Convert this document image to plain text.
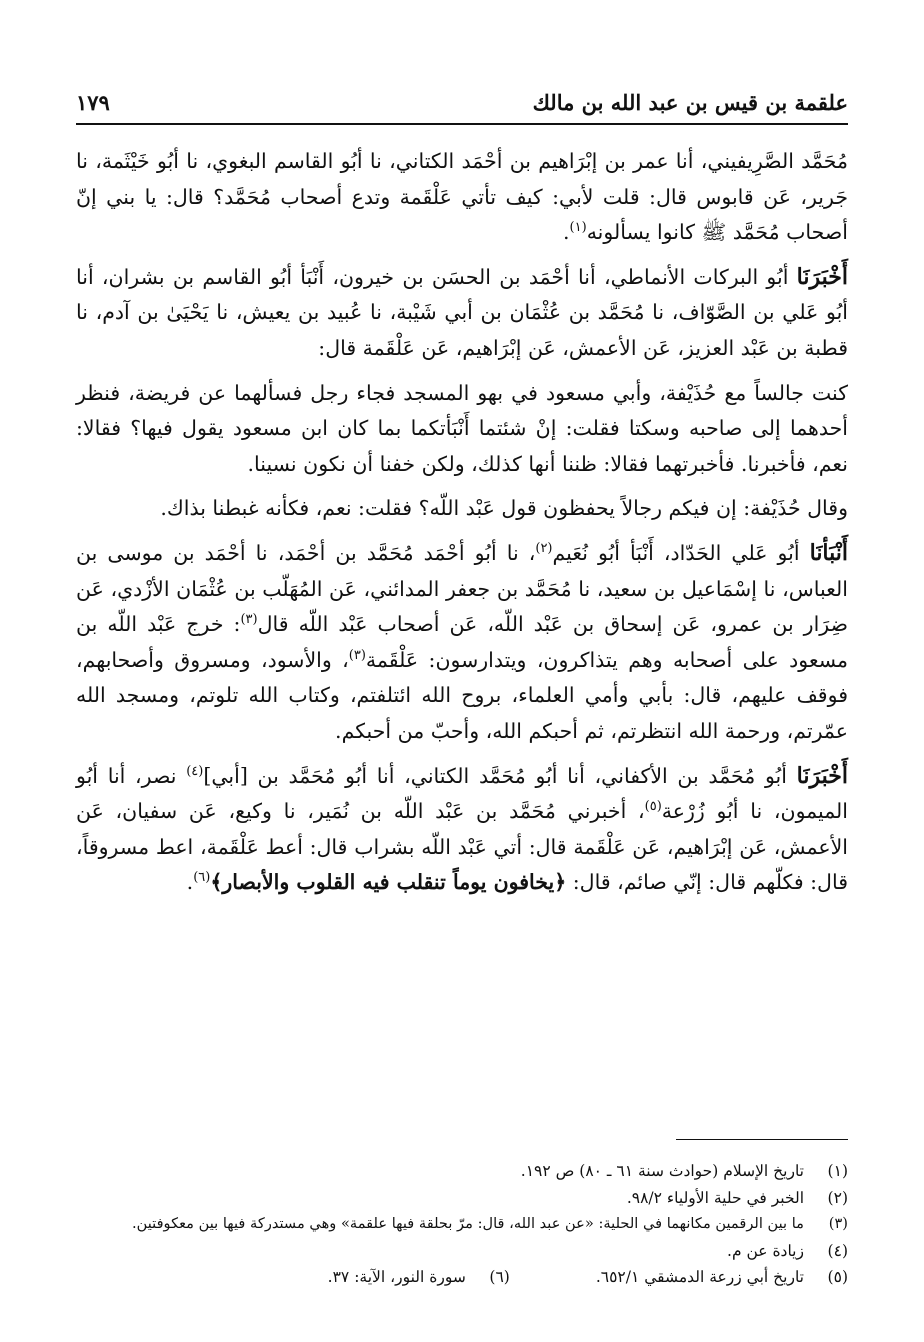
علقمة بن قيس بن عبد الله بن مالك
١٧٩

مُحَمَّد الصَّرِيفيني، أنا عمر بن إبْرَاهيم بن أحْمَد الكتاني، نا أبُو القاسم البغوي، نا أبُو خَيْثَمة، نا جَرير، عَن قابوس قال: قلت لأبي: كيف تأتي عَلْقَمة وتدع أصحاب مُحَمَّد؟ قال: يا بني إنّ أصحاب مُحَمَّد ﷺ كانوا يسألونه$^{(١)}$.

أَخْبَرَنَا أبُو البركات الأنماطي، أنا أحْمَد بن الحسَن بن خيرون، أَنْبَأ أبُو القاسم بن بشران، أنا أبُو عَلي بن الصَّوّاف، نا مُحَمَّد بن عُثْمَان بن أبي شَيْبة، نا عُبيد بن يعيش، نا يَحْيَىٰ بن آدم، نا قطبة بن عَبْد العزيز، عَن الأعمش، عَن إبْرَاهيم، عَن عَلْقَمة قال:

كنت جالساً مع حُذَيْفة، وأبي مسعود في بهو المسجد فجاء رجل فسألهما عن فريضة، فنظر أحدهما إلى صاحبه وسكتا فقلت: إنْ شئتما أَنْبَأتكما بما كان ابن مسعود يقول فيها؟ فقالا: نعم، فأخبرنا. فأخبرتهما فقالا: ظننا أنها كذلك، ولكن خفنا أن نكون نسينا.

وقال حُذَيْفة: إن فيكم رجالاً يحفظون قول عَبْد اللّه؟ فقلت: نعم، فكأنه غبطنا بذاك.

أَنْبَأنَا أبُو عَلي الحَدّاد، أَنْبَأ أبُو نُعَيم$^{(٢)}$، نا أبُو أحْمَد مُحَمَّد بن أحْمَد، نا أحْمَد بن موسى بن العباس، نا إسْمَاعيل بن سعيد، نا مُحَمَّد بن جعفر المدائني، عَن المُهَلّب بن عُثْمَان الأزْدي، عَن ضِرَار بن عمرو، عَن إسحاق بن عَبْد اللّه، عَن أصحاب عَبْد اللّه قال$^{(٣)}$: خرج عَبْد اللّه بن مسعود على أصحابه وهم يتذاكرون، ويتدارسون: عَلْقَمة$^{(٣)}$، والأسود، ومسروق وأصحابهم، فوقف عليهم، قال: بأبي وأمي العلماء، بروح الله ائتلفتم، وكتاب الله تلوتم، ومسجد الله عمّرتم، ورحمة الله انتظرتم، ثم أحبكم الله، وأحبّ من أحبكم.

أَخْبَرَنَا أبُو مُحَمَّد بن الأكفاني، أنا أبُو مُحَمَّد الكتاني، أنا أبُو مُحَمَّد بن [أبي]$^{(٤)}$ نصر، أنا أبُو الميمون، نا أبُو زُرْعة$^{(٥)}$، أخبرني مُحَمَّد بن عَبْد اللّه بن نُمَير، نا وكيع، عَن سفيان، عَن الأعمش، عَن إبْرَاهيم، عَن عَلْقَمة قال: أتي عَبْد اللّه بشراب قال: أعط عَلْقَمة، اعط مسروقاً، قال: فكلّهم قال: إنّي صائم، قال: ﴿يخافون يوماً تنقلب فيه القلوب والأبصار﴾$^{(٦)}$.

(١)تاريخ الإسلام (حوادث سنة ٦١ ـ ٨٠) ص ١٩٢.
(٢)الخبر في حلية الأولياء ٩٨/٢.
(٣)ما بين الرقمين مكانهما في الحلية: «عن عبد الله، قال: مرّ بحلقة فيها علقمة» وهي مستدركة فيها بين معكوفتين.
(٤)زيادة عن م.
(٥)تاريخ أبي زرعة الدمشقي ٦٥٢/١.(٦)سورة النور، الآية: ٣٧.
